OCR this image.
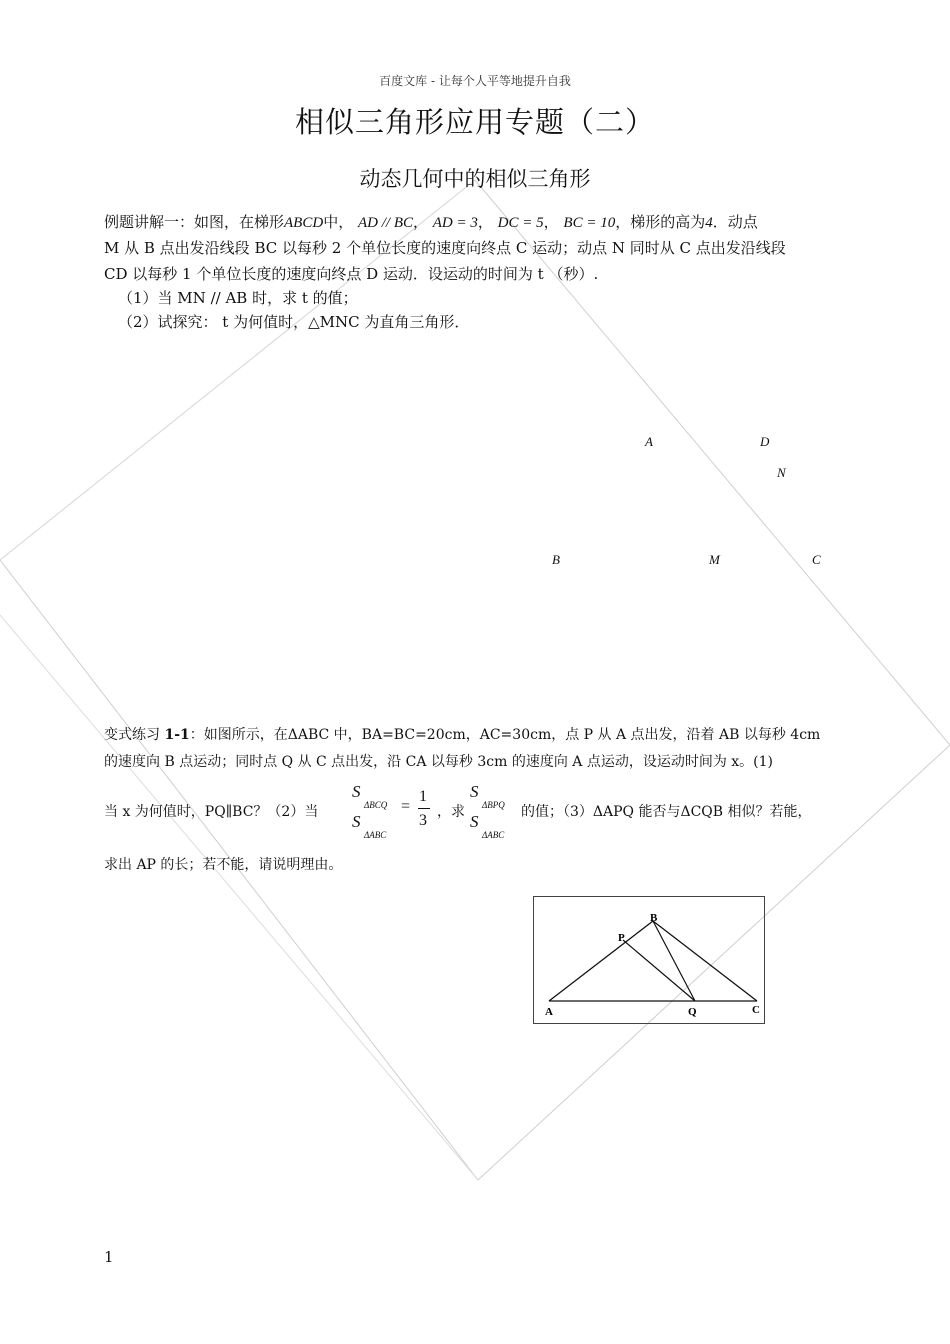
百度文库 - 让每个人平等地提升自我
相似三角形应用专题（二）
动态几何中的相似三角形
例题讲解一：如图，在梯形ABCD中， AD // BC， AD = 3， DC = 5， BC = 10，梯形的高为4．动点
M 从 B 点出发沿线段 BC 以每秒 2 个单位长度的速度向终点 C 运动；动点 N 同时从 C 点出发沿线段
CD 以每秒 1 个单位长度的速度向终点 D 运动．设运动的时间为 t （秒）.
（1）当 MN // AB 时，求 t 的值；
（2）试探究： t 为何值时，△MNC 为直角三角形．
A	D
N
B	M	C
变式练习 1-1：如图所示，在ΔABC 中，BA=BC=20cm，AC=30cm，点 P 从 A 点出发，沿着 AB 以每秒 4cm
的速度向 B 点运动；同时点 Q 从 C 点出发，沿 CA 以每秒 3cm 的速度向 A 点运动，设运动时间为 x。(1)
当 x 为何值时，PQ∥BC？（2）当
S
ΔBCQ
S
ΔABC
=
1
3 ，求
S
ΔBPQ
S
ΔABC
的值；（3）ΔAPQ 能否与ΔCQB 相似？若能，
求出 AP 的长；若不能，请说明理由。
A
B
P
Q	C
1
